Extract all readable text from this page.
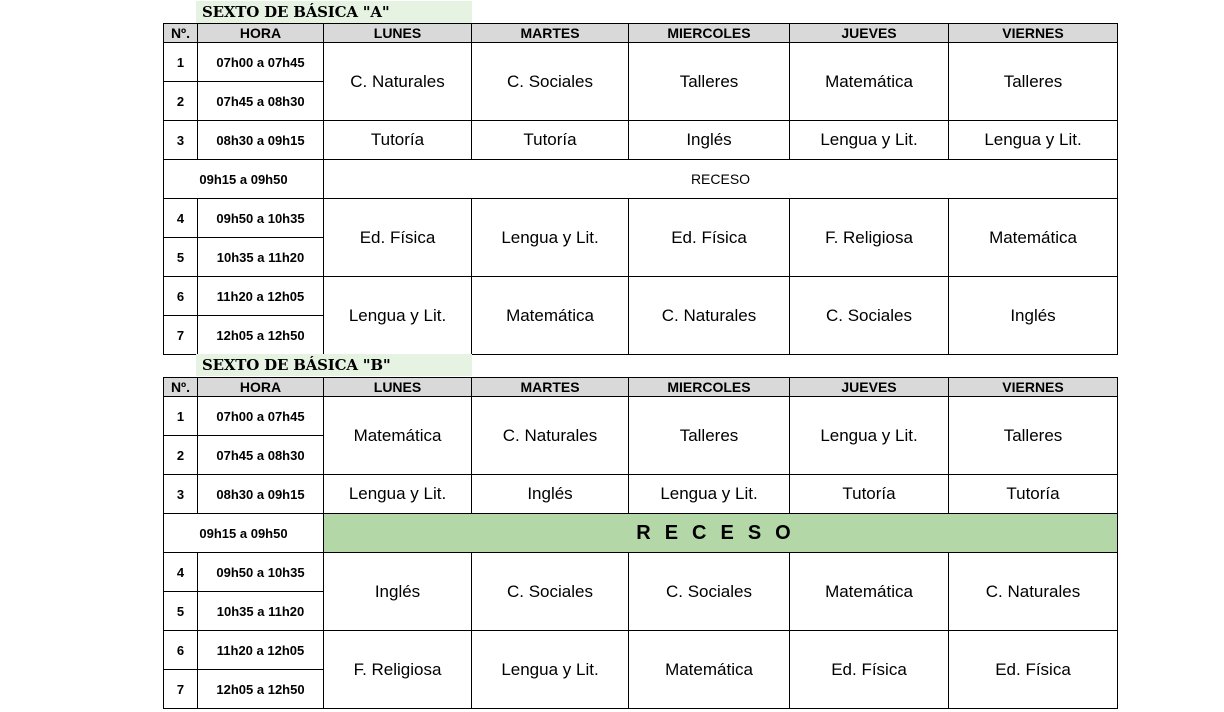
SEXTO DE BÁSICA "A"
Nº.	HORA	LUNES	MARTES	MIERCOLES	JUEVES	VIERNES
1	07h00 a 07h45	C. Naturales	C. Sociales	Talleres	Matemática	Talleres
2	07h45 a 08h30					
3	08h30 a 09h15	Tutoría	Tutoría	Inglés	Lengua y Lit.	Lengua y Lit.
09h15 a 09h50		RECESO				
4	09h50 a 10h35	Ed. Física	Lengua y Lit.	Ed. Física	F. Religiosa	Matemática
5	10h35 a 11h20					
6	11h20 a 12h05	Lengua y Lit.	Matemática	C. Naturales	C. Sociales	Inglés
7	12h05 a 12h50					
SEXTO DE BÁSICA "B"
Nº.	HORA	LUNES	MARTES	MIERCOLES	JUEVES	VIERNES
1	07h00 a 07h45	Matemática	C. Naturales	Talleres	Lengua y Lit.	Talleres
2	07h45 a 08h30					
3	08h30 a 09h15	Lengua y Lit.	Inglés	Lengua y Lit.	Tutoría	Tutoría
09h15 a 09h50		RECESO				
4	09h50 a 10h35	Inglés	C. Sociales	C. Sociales	Matemática	C. Naturales
5	10h35 a 11h20					
6	11h20 a 12h05	F. Religiosa	Lengua y Lit.	Matemática	Ed. Física	Ed. Física
7	12h05 a 12h50					
